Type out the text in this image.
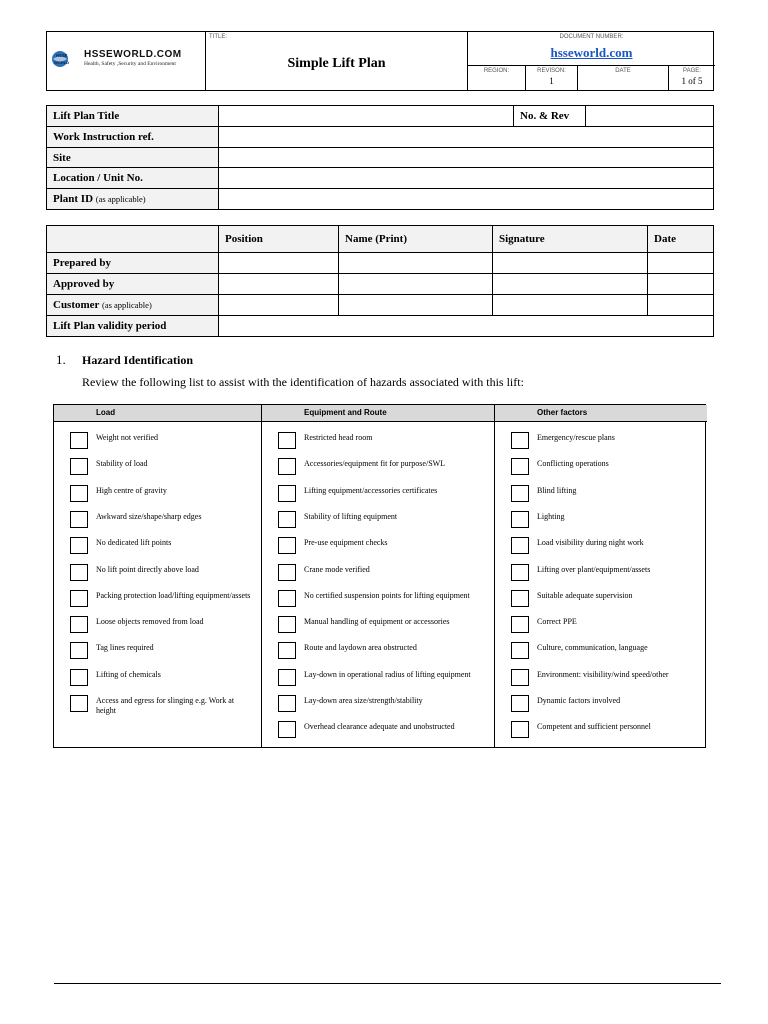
HSSE
WORLD
HSSEWORLD.COM
Health, Safety ,Security and Environment
TITLE:
Simple Lift Plan
DOCUMENT NUMBER:
hsseworld.com
REGION:	REVISON:
1
DATE	PAGE:
1 of 5
Lift Plan Title		No. & Rev	
Work Instruction ref.			
Site			
Location / Unit No.			
Plant ID (as applicable)			
	Position	Name (Print)	Signature	Date
Prepared by				
Approved by				
Customer (as applicable)				
Lift Plan validity period				
1. Hazard Identification
Review the following list to assist with the identification of hazards associated with this lift:
Load
Weight not verified
Stability of load
High centre of gravity
Awkward size/shape/sharp edges
No dedicated lift points
No lift point directly above load
Packing protection load/lifting equipment/assets
Loose objects removed from load
Tag lines required
Lifting of chemicals
Access and egress for slinging e.g. Work at height
Equipment and Route
Restricted head room
Accessories/equipment fit for purpose/SWL
Lifting equipment/accessories certificates
Stability of lifting equipment
Pre-use equipment checks
Crane mode verified
No certified suspension points for lifting equipment
Manual handling of equipment or accessories
Route and laydown area obstructed
Lay-down in operational radius of lifting equipment
Lay-down area size/strength/stability
Overhead clearance adequate and unobstructed
Other factors
Emergency/rescue plans
Conflicting operations
Blind lifting
Lighting
Load visibility during night work
Lifting over plant/equipment/assets
Suitable adequate supervision
Correct PPE
Culture, communication, language
Environment: visibility/wind speed/other
Dynamic factors involved
Competent and sufficient personnel
